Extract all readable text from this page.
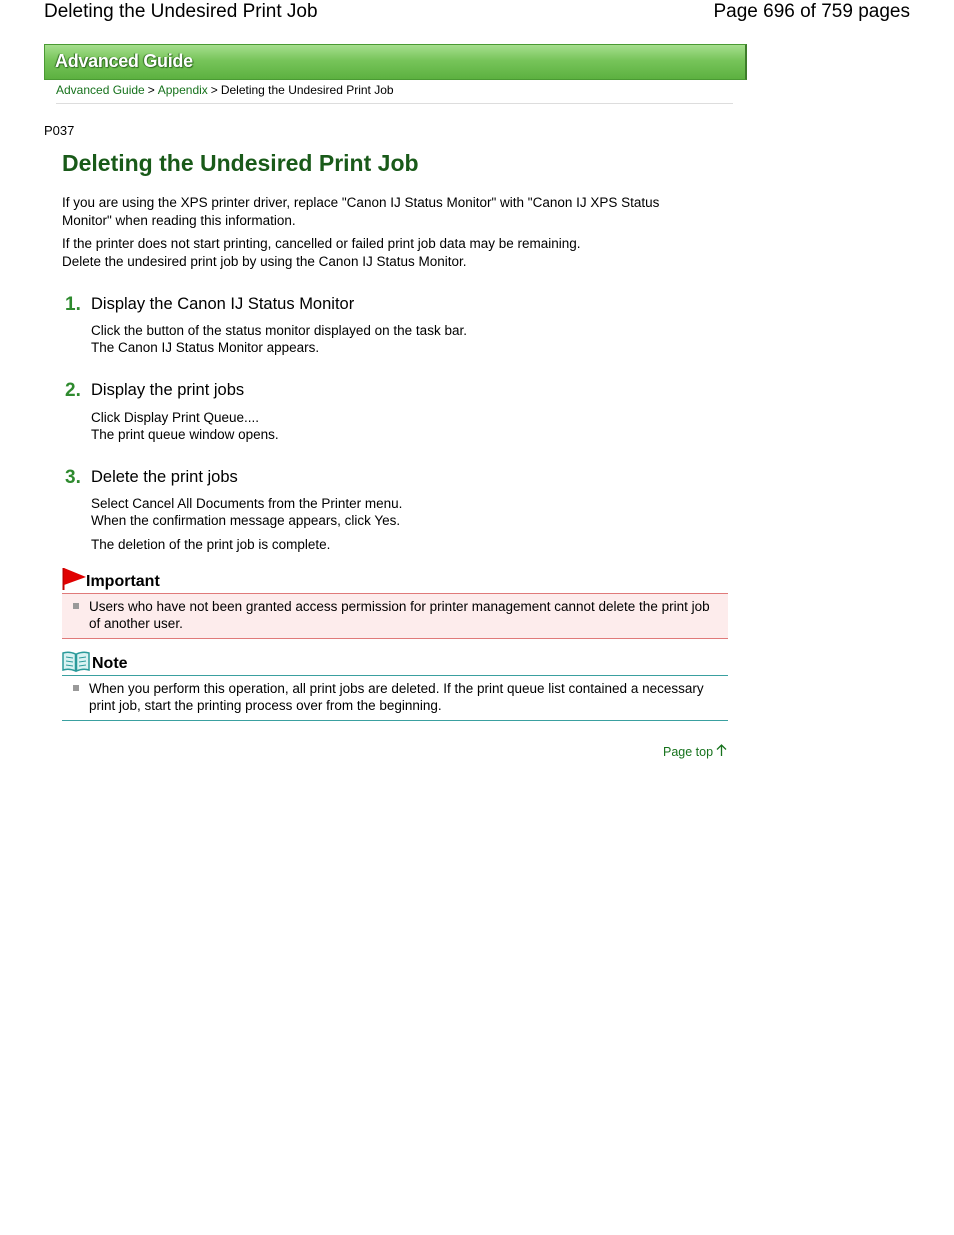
Deleting the Undesired Print Job	Page 696 of 759 pages
Advanced Guide
Advanced Guide > Appendix > Deleting the Undesired Print Job
P037
Deleting the Undesired Print Job
If you are using the XPS printer driver, replace "Canon IJ Status Monitor" with "Canon IJ XPS Status Monitor" when reading this information.
If the printer does not start printing, cancelled or failed print job data may be remaining.
Delete the undesired print job by using the Canon IJ Status Monitor.
1. Display the Canon IJ Status Monitor
Click the button of the status monitor displayed on the task bar.
The Canon IJ Status Monitor appears.
2. Display the print jobs
Click Display Print Queue....
The print queue window opens.
3. Delete the print jobs
Select Cancel All Documents from the Printer menu.
When the confirmation message appears, click Yes.
The deletion of the print job is complete.
Important
Users who have not been granted access permission for printer management cannot delete the print job of another user.
Note
When you perform this operation, all print jobs are deleted. If the print queue list contained a necessary print job, start the printing process over from the beginning.
Page top
